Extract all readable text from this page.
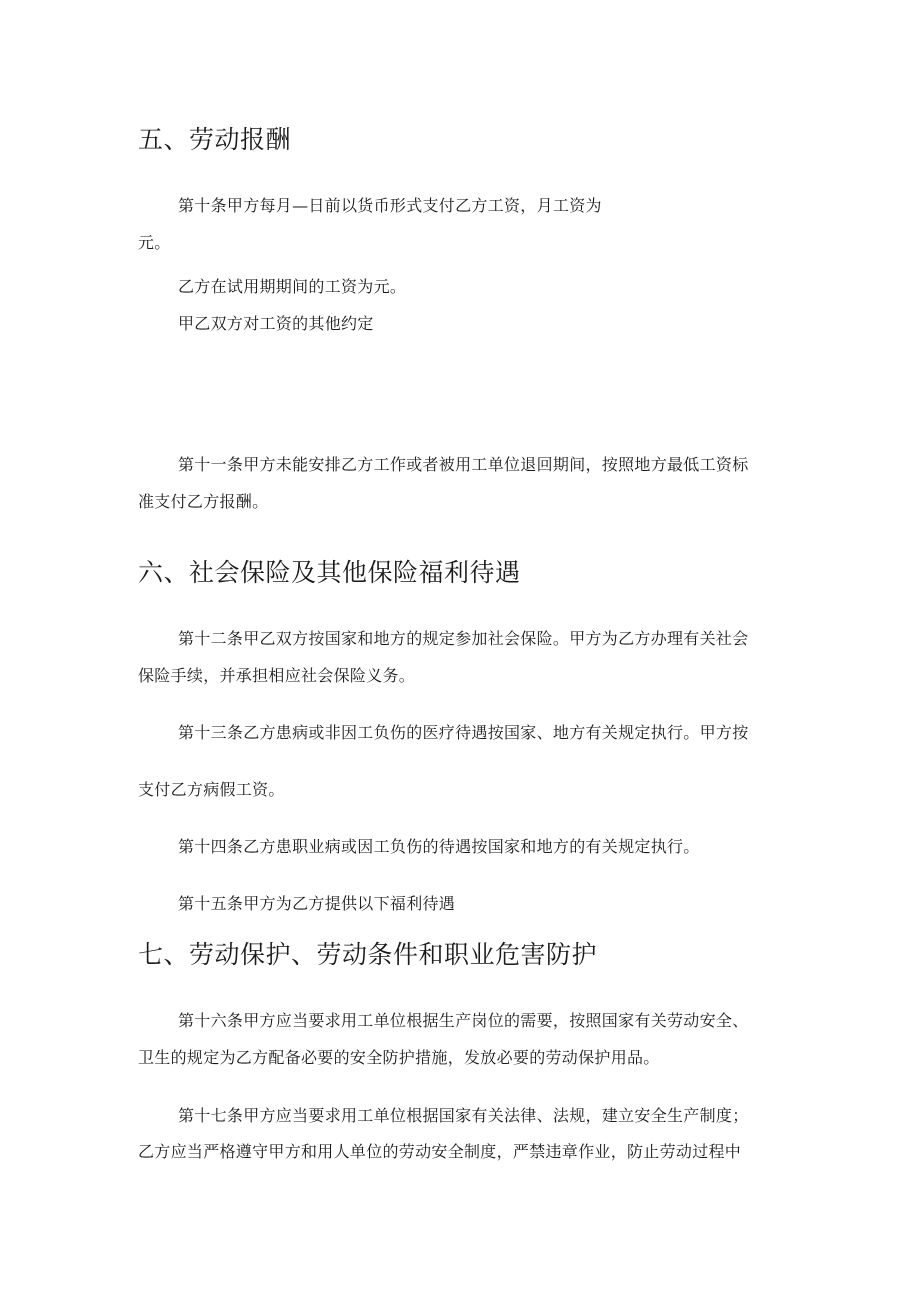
五、劳动报酬
第十条甲方每月—日前以货币形式支付乙方工资，月工资为
元。
乙方在试用期期间的工资为元。
甲乙双方对工资的其他约定
第十一条甲方未能安排乙方工作或者被用工单位退回期间，按照地方最低工资标
准支付乙方报酬。
六、社会保险及其他保险福利待遇
第十二条甲乙双方按国家和地方的规定参加社会保险。甲方为乙方办理有关社会
保险手续，并承担相应社会保险义务。
第十三条乙方患病或非因工负伤的医疗待遇按国家、地方有关规定执行。甲方按
支付乙方病假工资。
第十四条乙方患职业病或因工负伤的待遇按国家和地方的有关规定执行。
第十五条甲方为乙方提供以下福利待遇
七、劳动保护、劳动条件和职业危害防护
第十六条甲方应当要求用工单位根据生产岗位的需要，按照国家有关劳动安全、
卫生的规定为乙方配备必要的安全防护措施，发放必要的劳动保护用品。
第十七条甲方应当要求用工单位根据国家有关法律、法规，建立安全生产制度；
乙方应当严格遵守甲方和用人单位的劳动安全制度，严禁违章作业，防止劳动过程中
